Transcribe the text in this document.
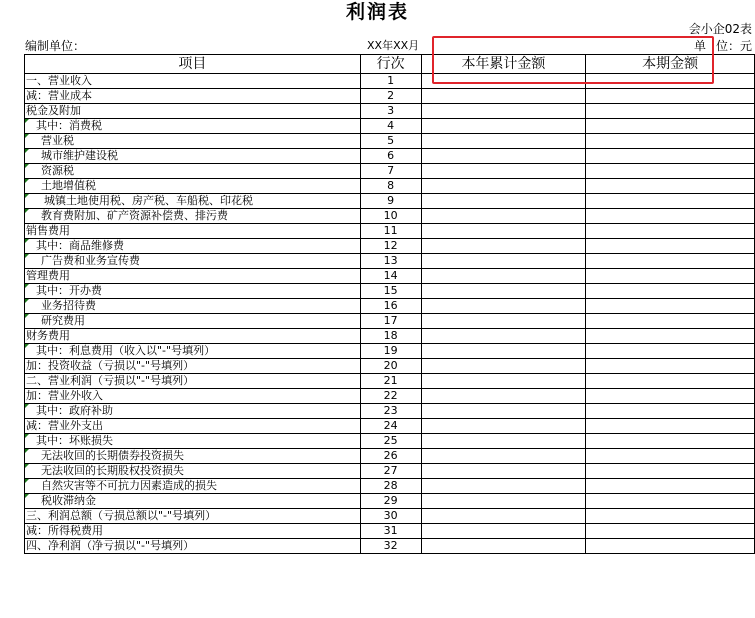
利润表
会小企02表
编制单位：	XX年XX月	单 位：元
项目	行次	本年累计金额	本期金额
一、营业收入	1		
减：营业成本	2		
税金及附加	3		
其中：消费税	4		
营业税	5		
城市维护建设税	6		
资源税	7		
土地增值税	8		
城镇土地使用税、房产税、车船税、印花税	9		
教育费附加、矿产资源补偿费、排污费	10		
销售费用	11		
其中：商品维修费	12		
广告费和业务宣传费	13		
管理费用	14		
其中：开办费	15		
业务招待费	16		
研究费用	17		
财务费用	18		
其中：利息费用（收入以"-"号填列）	19		
加：投资收益（亏损以"-"号填列）	20		
二、营业利润（亏损以"-"号填列）	21		
加：营业外收入	22		
其中：政府补助	23		
减：营业外支出	24		
其中：坏账损失	25		
无法收回的长期债券投资损失	26		
无法收回的长期股权投资损失	27		
自然灾害等不可抗力因素造成的损失	28		
税收滞纳金	29		
三、利润总额（亏损总额以"-"号填列）	30		
减：所得税费用	31		
四、净利润（净亏损以"-"号填列）	32		
